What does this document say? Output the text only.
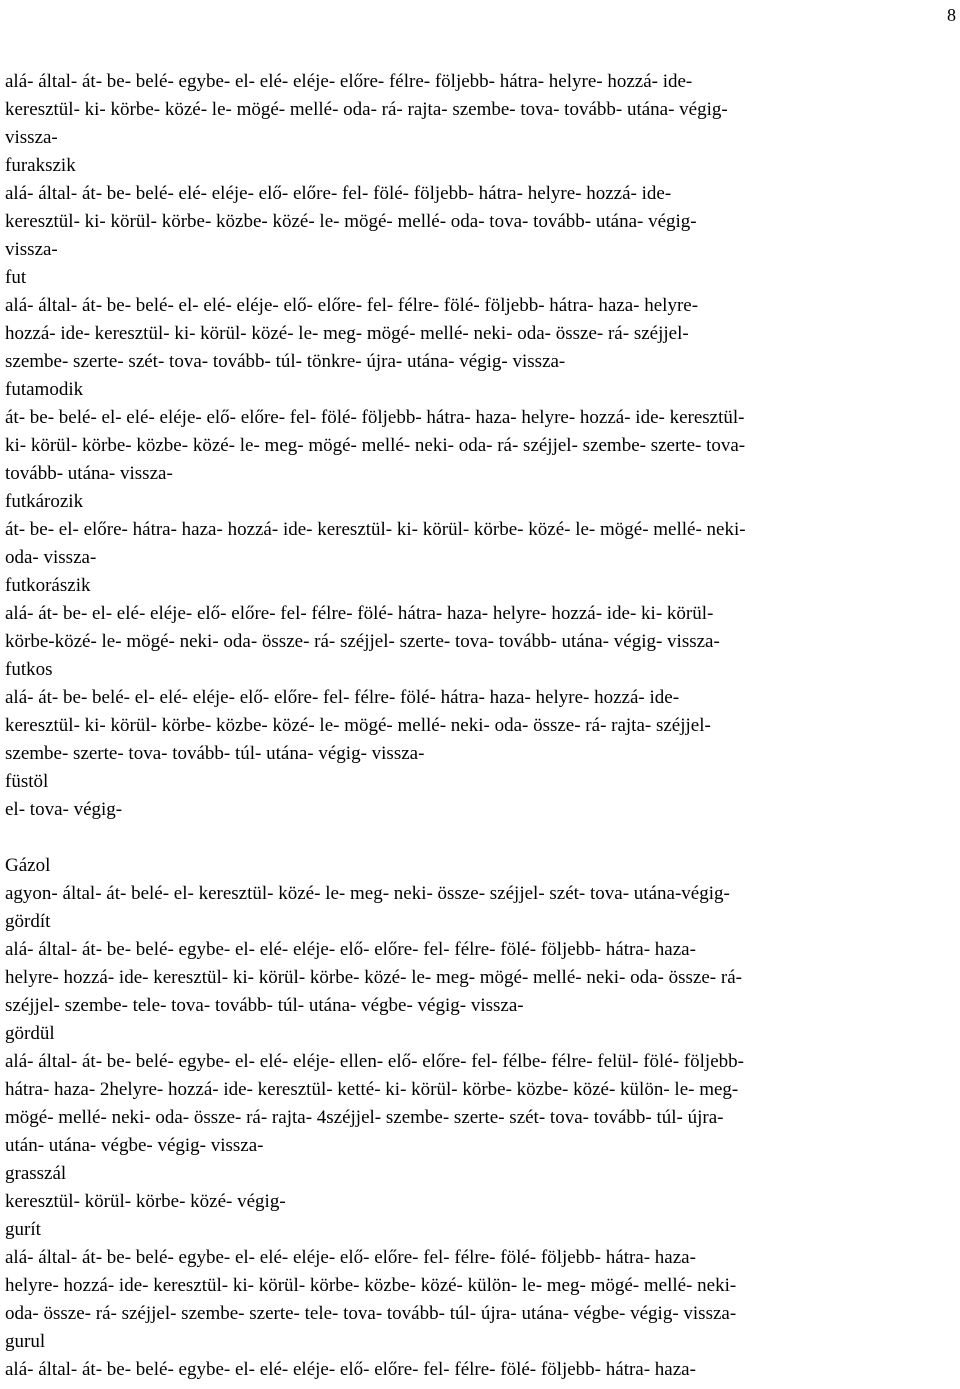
8
alá- által- át- be- belé- egybe- el- elé- eléje- előre- félre- följebb- hátra- helyre- hozzá- ide-
keresztül- ki- körbe- közé- le- mögé- mellé- oda- rá- rajta- szembe- tova- tovább- utána- végig-
vissza-
furakszik
alá- által- át- be- belé- elé- eléje- elő- előre- fel- fölé- följebb- hátra- helyre- hozzá- ide-
keresztül- ki- körül- körbe- közbe- közé- le- mögé- mellé- oda- tova- tovább- utána- végig-
vissza-
fut
alá- által- át- be- belé- el- elé- eléje- elő- előre- fel- félre- fölé- följebb- hátra- haza- helyre-
hozzá- ide- keresztül- ki- körül- közé- le- meg- mögé- mellé- neki- oda- össze- rá- széjjel-
szembe- szerte- szét- tova- tovább- túl- tönkre- újra- utána- végig- vissza-
futamodik
át- be- belé- el- elé- eléje- elő- előre- fel- fölé- följebb- hátra- haza- helyre- hozzá- ide- keresztül-
ki- körül- körbe- közbe- közé- le- meg- mögé- mellé- neki- oda- rá- széjjel- szembe- szerte- tova-
tovább- utána- vissza-
futkározik
át- be- el- előre- hátra- haza- hozzá- ide- keresztül- ki- körül- körbe- közé- le- mögé- mellé- neki-
oda- vissza-
futkorászik
alá- át- be- el- elé- eléje- elő- előre- fel- félre- fölé- hátra- haza- helyre- hozzá- ide- ki- körül-
körbe-közé- le- mögé- neki- oda- össze- rá- széjjel- szerte- tova- tovább- utána- végig- vissza-
futkos
alá- át- be- belé- el- elé- eléje- elő- előre- fel- félre- fölé- hátra- haza- helyre- hozzá- ide-
keresztül- ki- körül- körbe- közbe- közé- le- mögé- mellé- neki- oda- össze- rá- rajta- széjjel-
szembe- szerte- tova- tovább- túl- utána- végig- vissza-
füstöl
el- tova- végig-
Gázol
agyon- által- át- belé- el- keresztül- közé- le- meg- neki- össze- széjjel- szét- tova- utána-végig-
gördít
alá- által- át- be- belé- egybe- el- elé- eléje- elő- előre- fel- félre- fölé- följebb- hátra- haza-
helyre- hozzá- ide- keresztül- ki- körül- körbe- közé- le- meg- mögé- mellé- neki- oda- össze- rá-
széjjel- szembe- tele- tova- tovább- túl- utána- végbe- végig- vissza-
gördül
alá- által- át- be- belé- egybe- el- elé- eléje- ellen- elő- előre- fel- félbe- félre- felül- fölé- följebb-
hátra- haza- 2helyre- hozzá- ide- keresztül- ketté- ki- körül- körbe- közbe- közé- külön- le- meg-
mögé- mellé- neki- oda- össze- rá- rajta- 4széjjel- szembe- szerte- szét- tova- tovább- túl- újra-
után- utána- végbe- végig- vissza-
grasszál
keresztül- körül- körbe- közé- végig-
gurít
alá- által- át- be- belé- egybe- el- elé- eléje- elő- előre- fel- félre- fölé- följebb- hátra- haza-
helyre- hozzá- ide- keresztül- ki- körül- körbe- közbe- közé- külön- le- meg- mögé- mellé- neki-
oda- össze- rá- széjjel- szembe- szerte- tele- tova- tovább- túl- újra- utána- végbe- végig- vissza-
gurul
alá- által- át- be- belé- egybe- el- elé- eléje- elő- előre- fel- félre- fölé- följebb- hátra- haza-
